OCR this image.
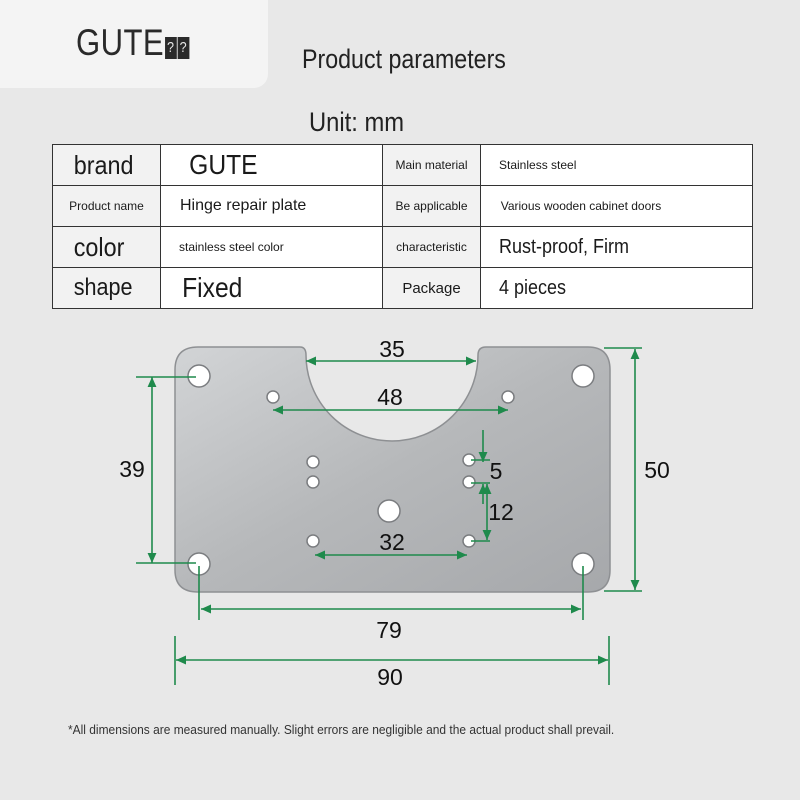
GUTE ? ?	Product parameters
Unit: mm
brand	GUTE	Main material	Stainless steel

Product name	Hinge repair plate	Be applicable	Various wooden cabinet doors

color	stainless steel color	characteristic	Rust-proof, Firm

shape	Fixed	Package	4 pieces
35
48
39	50
5
12
32
79
90
*All dimensions are measured manually. Slight errors are negligible and the actual product shall prevail.
